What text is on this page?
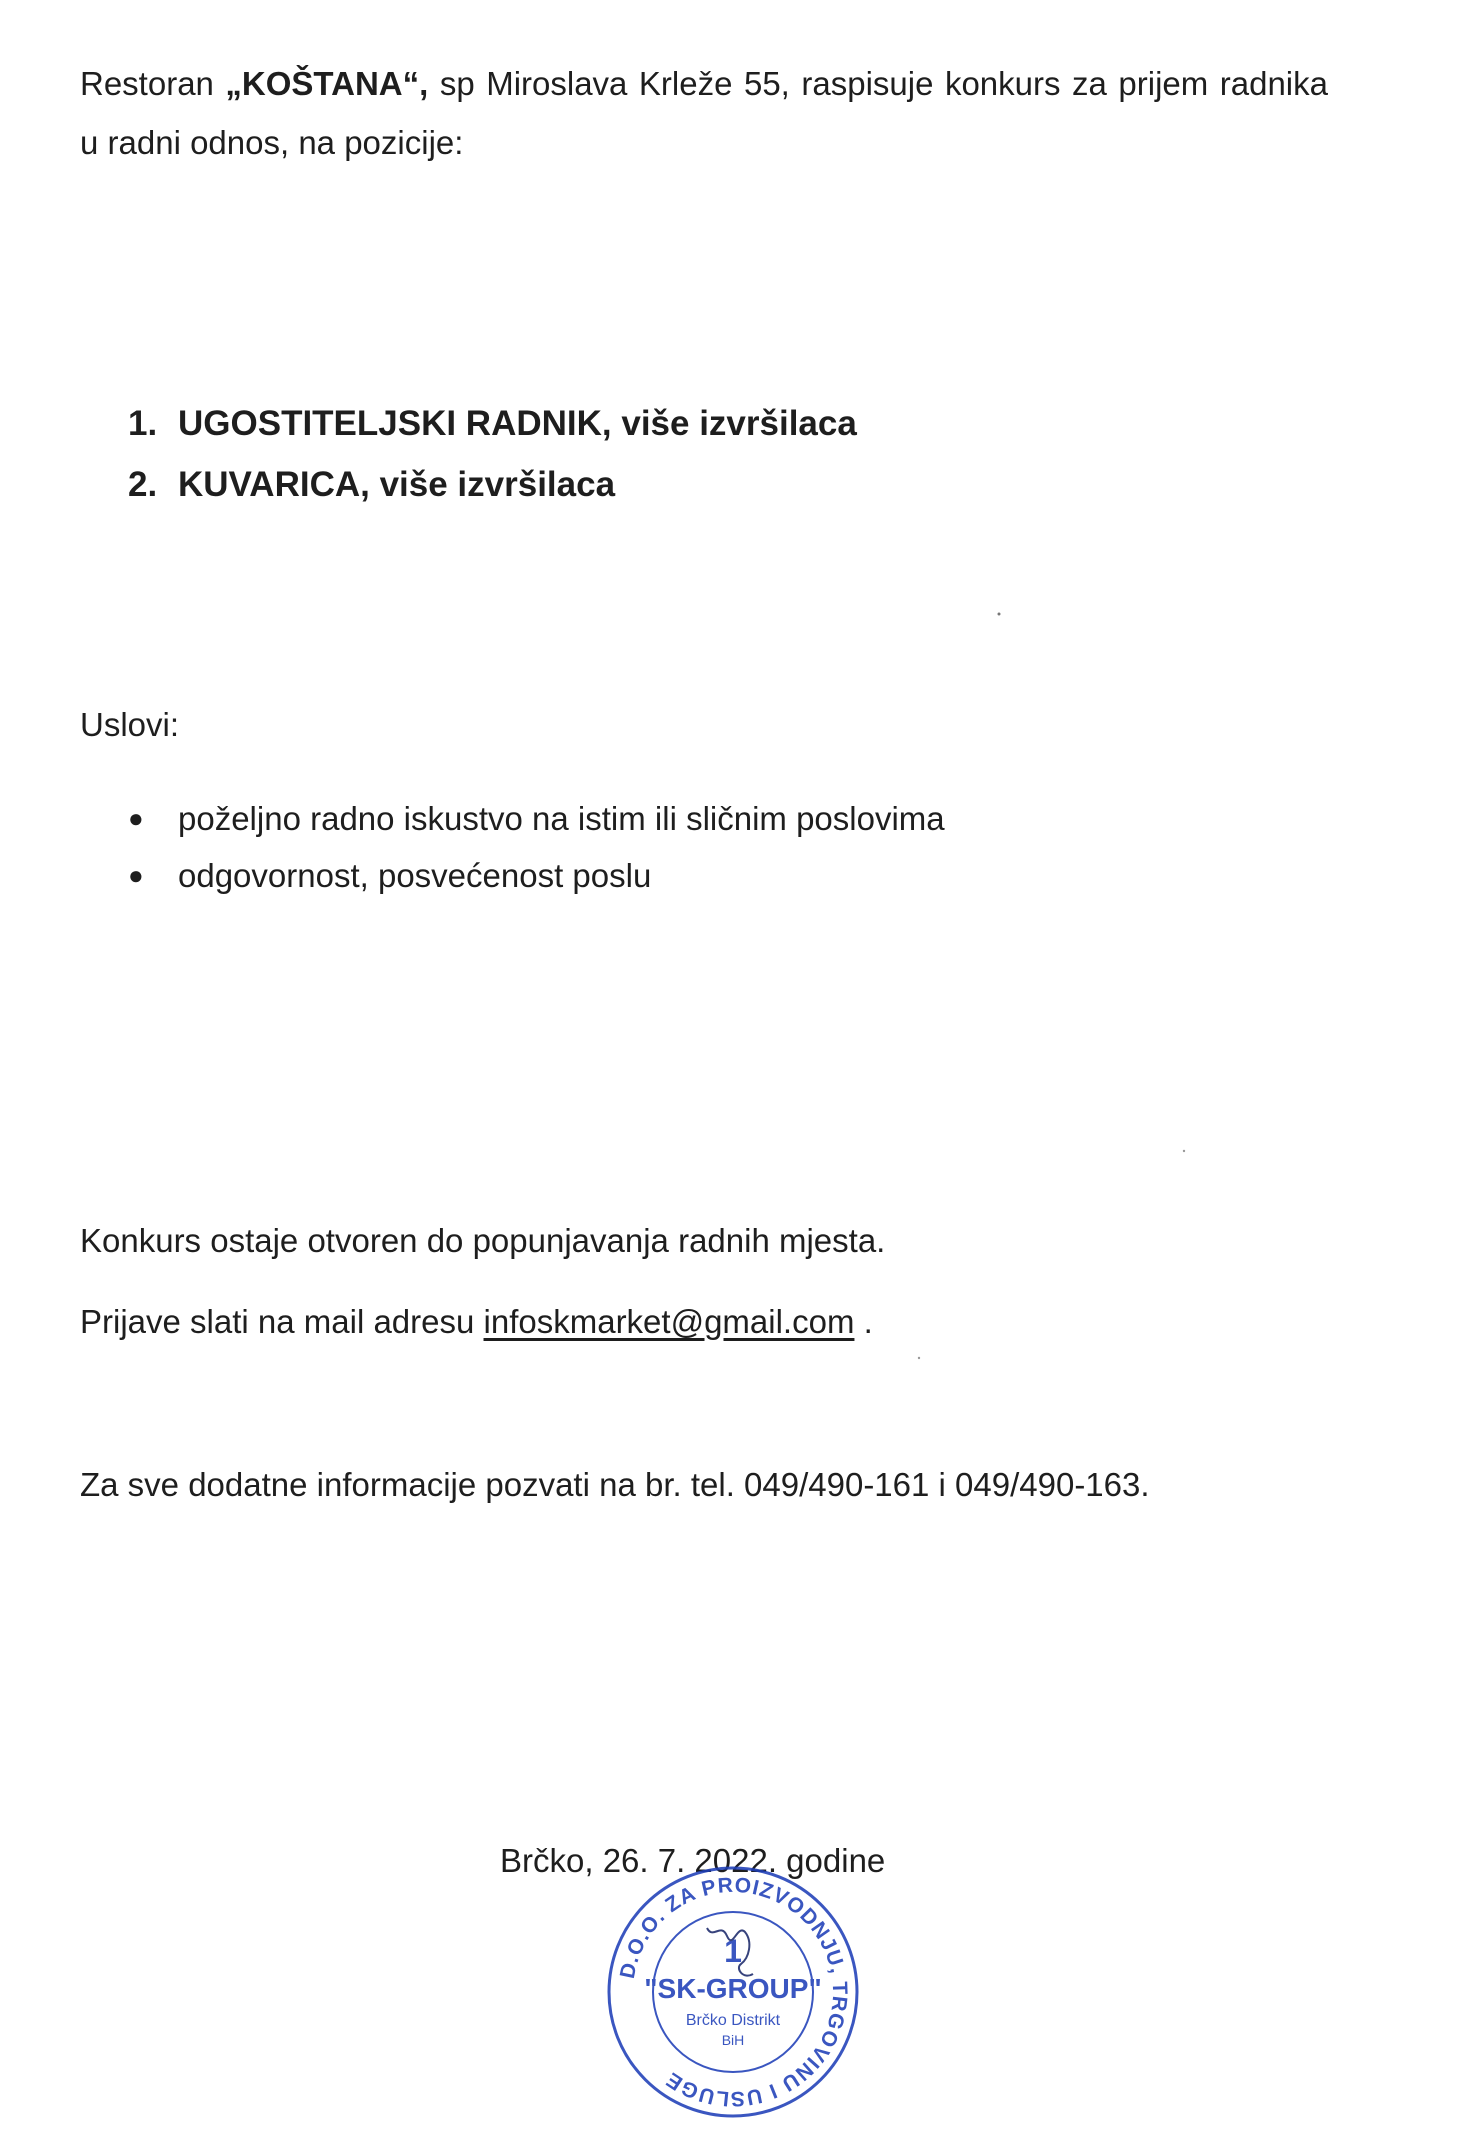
Restoran „KOŠTANA“, sp Miroslava Krleže 55, raspisuje konkurs za prijem radnika u radni odnos, na pozicije:

1. UGOSTITELJSKI RADNIK, više izvršilaca
2. KUVARICA, više izvršilaca

Uslovi:

● poželjno radno iskustvo na istim ili sličnim poslovima
● odgovornost, posvećenost poslu

Konkurs ostaje otvoren do popunjavanja radnih mjesta.

Prijave slati na mail adresu infoskmarket@gmail.com .

Za sve dodatne informacije pozvati na br. tel. 049/490-161 i 049/490-163.

Brčko, 26. 7. 2022. godine

D.O.O. ZA PROIZVODNJU, TRGOVINU I USLUGE
1
"SK-GROUP"
Brčko Distrikt
BiH
